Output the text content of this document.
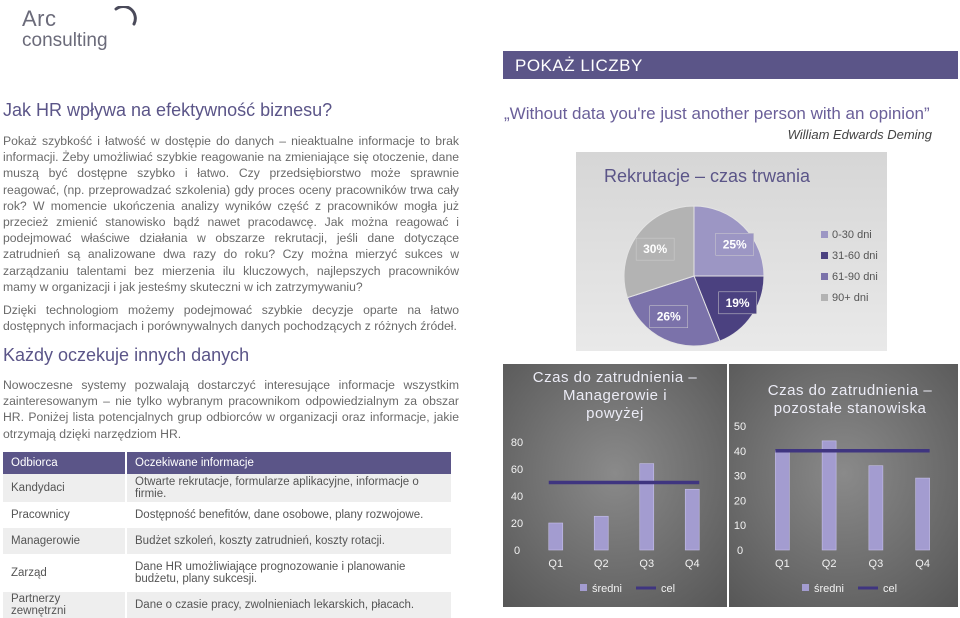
Arc
consulting
POKAŻ LICZBY
Jak HR wpływa na efektywność biznesu?

Pokaż szybkość i łatwość w dostępie do danych – nieaktualne informacje to brak informacji. Żeby umożliwiać szybkie reagowanie na zmieniające się otoczenie, dane muszą być dostępne szybko i łatwo. Czy przedsiębiorstwo może sprawnie reagować, (np. przeprowadzać szkolenia) gdy proces oceny pracowników trwa cały rok? W momencie ukończenia analizy wyników część z pracowników mogła już przecież zmienić stanowisko bądź nawet pracodawcę. Jak można reagować i podejmować właściwe działania w obszarze rekrutacji, jeśli dane dotyczące zatrudnień są analizowane dwa razy do roku? Czy można mierzyć sukces w zarządzaniu talentami bez mierzenia ilu kluczowych, najlepszych pracowników mamy w organizacji i jak jesteśmy skuteczni w ich zatrzymywaniu?

Dzięki technologiom możemy podejmować szybkie decyzje oparte na łatwo dostępnych informacjach i porównywalnych danych pochodzących z różnych źródeł.

Każdy oczekuje innych danych

Nowoczesne systemy pozwalają dostarczyć interesujące informacje wszystkim zainteresowanym – nie tylko wybranym pracownikom odpowiedzialnym za obszar HR. Poniżej lista potencjalnych grup odbiorców w organizacji oraz informacje, jakie otrzymają dzięki narzędziom HR.

Odbiorca	Oczekiwane informacje
Kandydaci	Otwarte rekrutacje, formularze aplikacyjne, informacje o firmie.
Pracownicy	Dostępność benefitów, dane osobowe, plany rozwojowe.
Managerowie	Budżet szkoleń, koszty zatrudnień, koszty rotacji.
Zarząd	Dane HR umożliwiające prognozowanie i planowanie budżetu, plany sukcesji.
Partnerzy zewnętrzni	Dane o czasie pracy, zwolnieniach lekarskich, płacach.
„Without data you're just another person with an opinion”
William Edwards Deming
Rekrutacje – czas trwania
25%
19%
26%
30%
0-30 dni
31-60 dni
61-90 dni
90+ dni
Czas do zatrudnienia –
Managerowie i
powyżej
0
20
40
60
80
Q1	Q2	Q3	Q4
średni	cel
Czas do zatrudnienia –
pozostałe stanowiska
0
10
20
30
40
50
Q1	Q2	Q3	Q4
średni	cel
